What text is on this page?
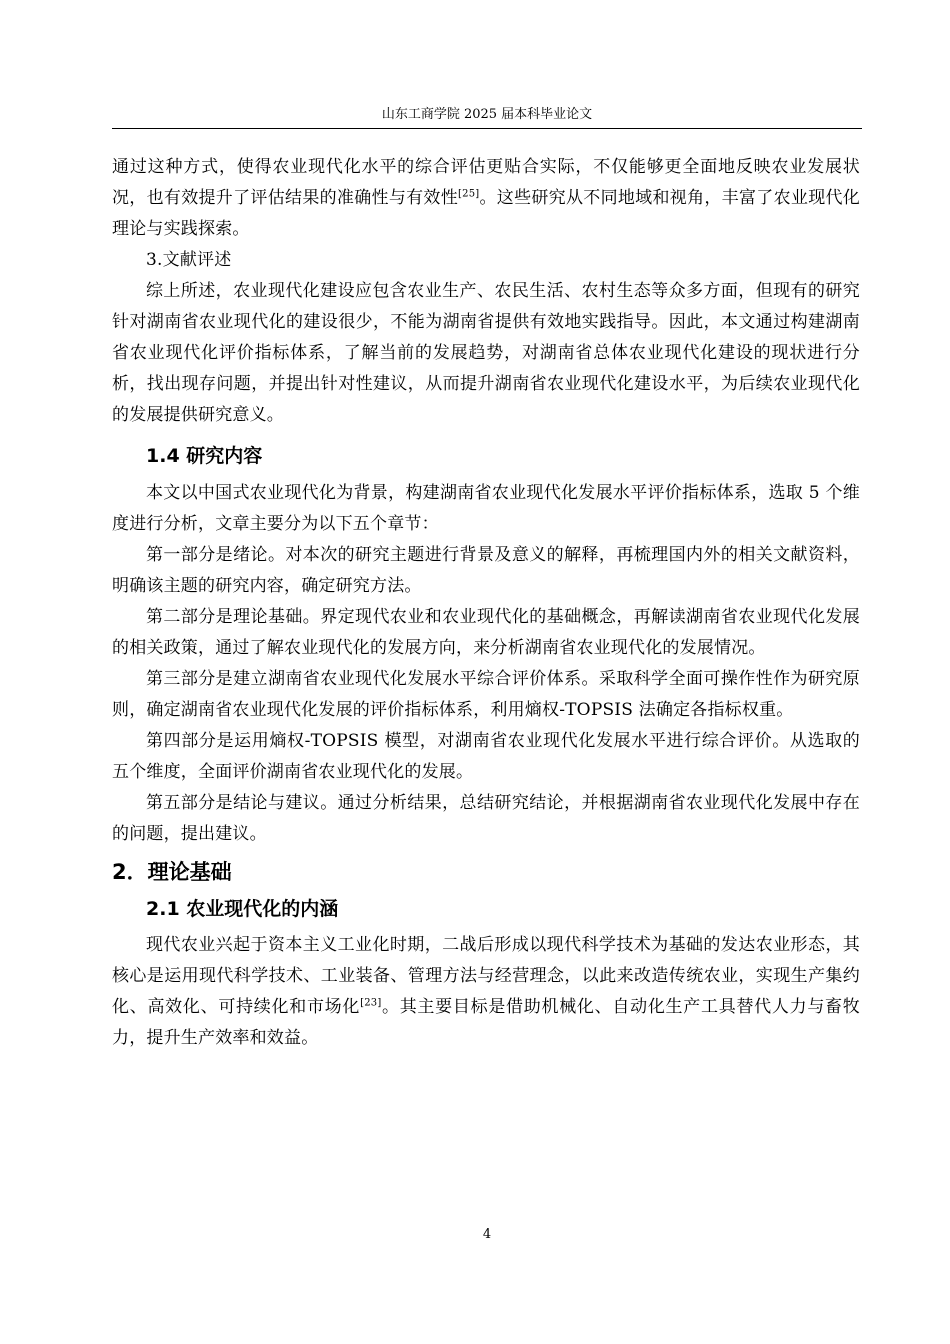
山东工商学院 2025 届本科毕业论文

通过这种方式，使得农业现代化水平的综合评估更贴合实际，不仅能够更全面地反映农业发展状况，也有效提升了评估结果的准确性与有效性[25]。这些研究从不同地域和视角，丰富了农业现代化理论与实践探索。

3.文献评述

综上所述，农业现代化建设应包含农业生产、农民生活、农村生态等众多方面，但现有的研究针对湖南省农业现代化的建设很少，不能为湖南省提供有效地实践指导。因此，本文通过构建湖南省农业现代化评价指标体系，了解当前的发展趋势，对湖南省总体农业现代化建设的现状进行分析，找出现存问题，并提出针对性建议，从而提升湖南省农业现代化建设水平，为后续农业现代化的发展提供研究意义。

1.4 研究内容

本文以中国式农业现代化为背景，构建湖南省农业现代化发展水平评价指标体系，选取 5 个维度进行分析，文章主要分为以下五个章节：

第一部分是绪论。对本次的研究主题进行背景及意义的解释，再梳理国内外的相关文献资料，明确该主题的研究内容，确定研究方法。

第二部分是理论基础。界定现代农业和农业现代化的基础概念，再解读湖南省农业现代化发展的相关政策，通过了解农业现代化的发展方向，来分析湖南省农业现代化的发展情况。

第三部分是建立湖南省农业现代化发展水平综合评价体系。采取科学全面可操作性作为研究原则，确定湖南省农业现代化发展的评价指标体系，利用熵权-TOPSIS 法确定各指标权重。

第四部分是运用熵权-TOPSIS 模型，对湖南省农业现代化发展水平进行综合评价。从选取的五个维度，全面评价湖南省农业现代化的发展。

第五部分是结论与建议。通过分析结果，总结研究结论，并根据湖南省农业现代化发展中存在的问题，提出建议。

2．理论基础
2.1 农业现代化的内涵

现代农业兴起于资本主义工业化时期，二战后形成以现代科学技术为基础的发达农业形态，其核心是运用现代科学技术、工业装备、管理方法与经营理念，以此来改造传统农业，实现生产集约化、高效化、可持续化和市场化[23]。其主要目标是借助机械化、自动化生产工具替代人力与畜牧力，提升生产效率和效益。

4
